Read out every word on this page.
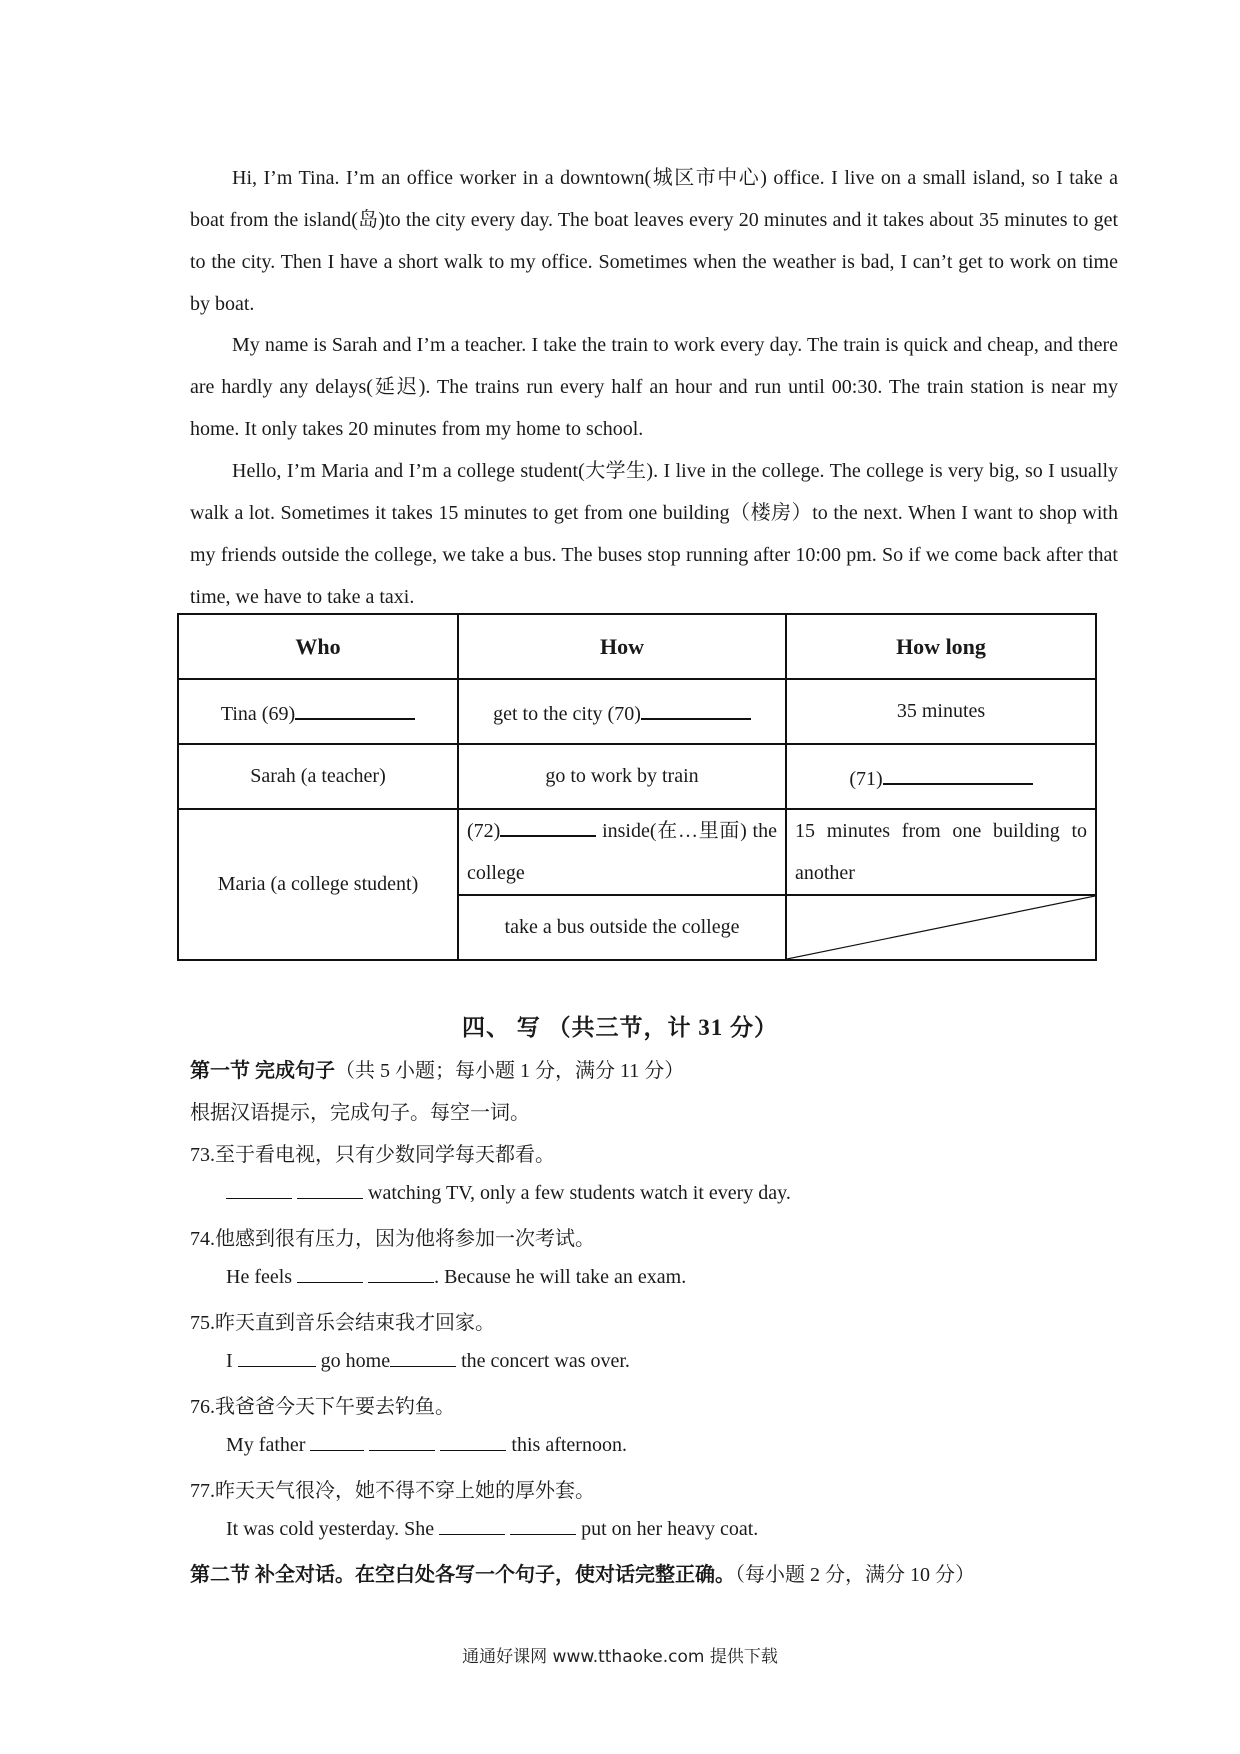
Hi, I’m Tina. I’m an office worker in a downtown(城区市中心) office. I live on a small island, so I take a boat from the island(岛)to the city every day. The boat leaves every 20 minutes and it takes about 35 minutes to get to the city. Then I have a short walk to my office. Sometimes when the weather is bad, I can’t get to work on time by boat.

My name is Sarah and I’m a teacher. I take the train to work every day. The train is quick and cheap, and there are hardly any delays(延迟). The trains run every half an hour and run until 00:30. The train station is near my home. It only takes 20 minutes from my home to school.

Hello, I’m Maria and I’m a college student(大学生). I live in the college. The college is very big, so I usually walk a lot. Sometimes it takes 15 minutes to get from one building（楼房）to the next. When I want to shop with my friends outside the college, we take a bus. The buses stop running after 10:00 pm. So if we come back after that time, we have to take a taxi.

Who	How	How long
Tina (69)	get to the city (70)	35 minutes
Sarah (a teacher)	go to work by train	(71)
Maria (a college student)	(72) inside(在…里面) the college	15 minutes from one building to another
	take a bus outside the college	
四、 写 （共三节，计 31 分）
第一节 完成句子（共 5 小题；每小题 1 分，满分 11 分）
根据汉语提示，完成句子。每空一词。
73.至于看电视，只有少数同学每天都看。
watching TV, only a few students watch it every day.
74.他感到很有压力，因为他将参加一次考试。
He feels	. Because he will take an exam.
75.昨天直到音乐会结束我才回家。
I	go home	the concert was over.
76.我爸爸今天下午要去钓鱼。
My father	this afternoon.
77.昨天天气很冷，她不得不穿上她的厚外套。
It was cold yesterday. She	put on her heavy coat.
第二节 补全对话。在空白处各写一个句子，使对话完整正确。（每小题 2 分，满分 10 分）
通通好课网 www.tthaoke.com 提供下载
